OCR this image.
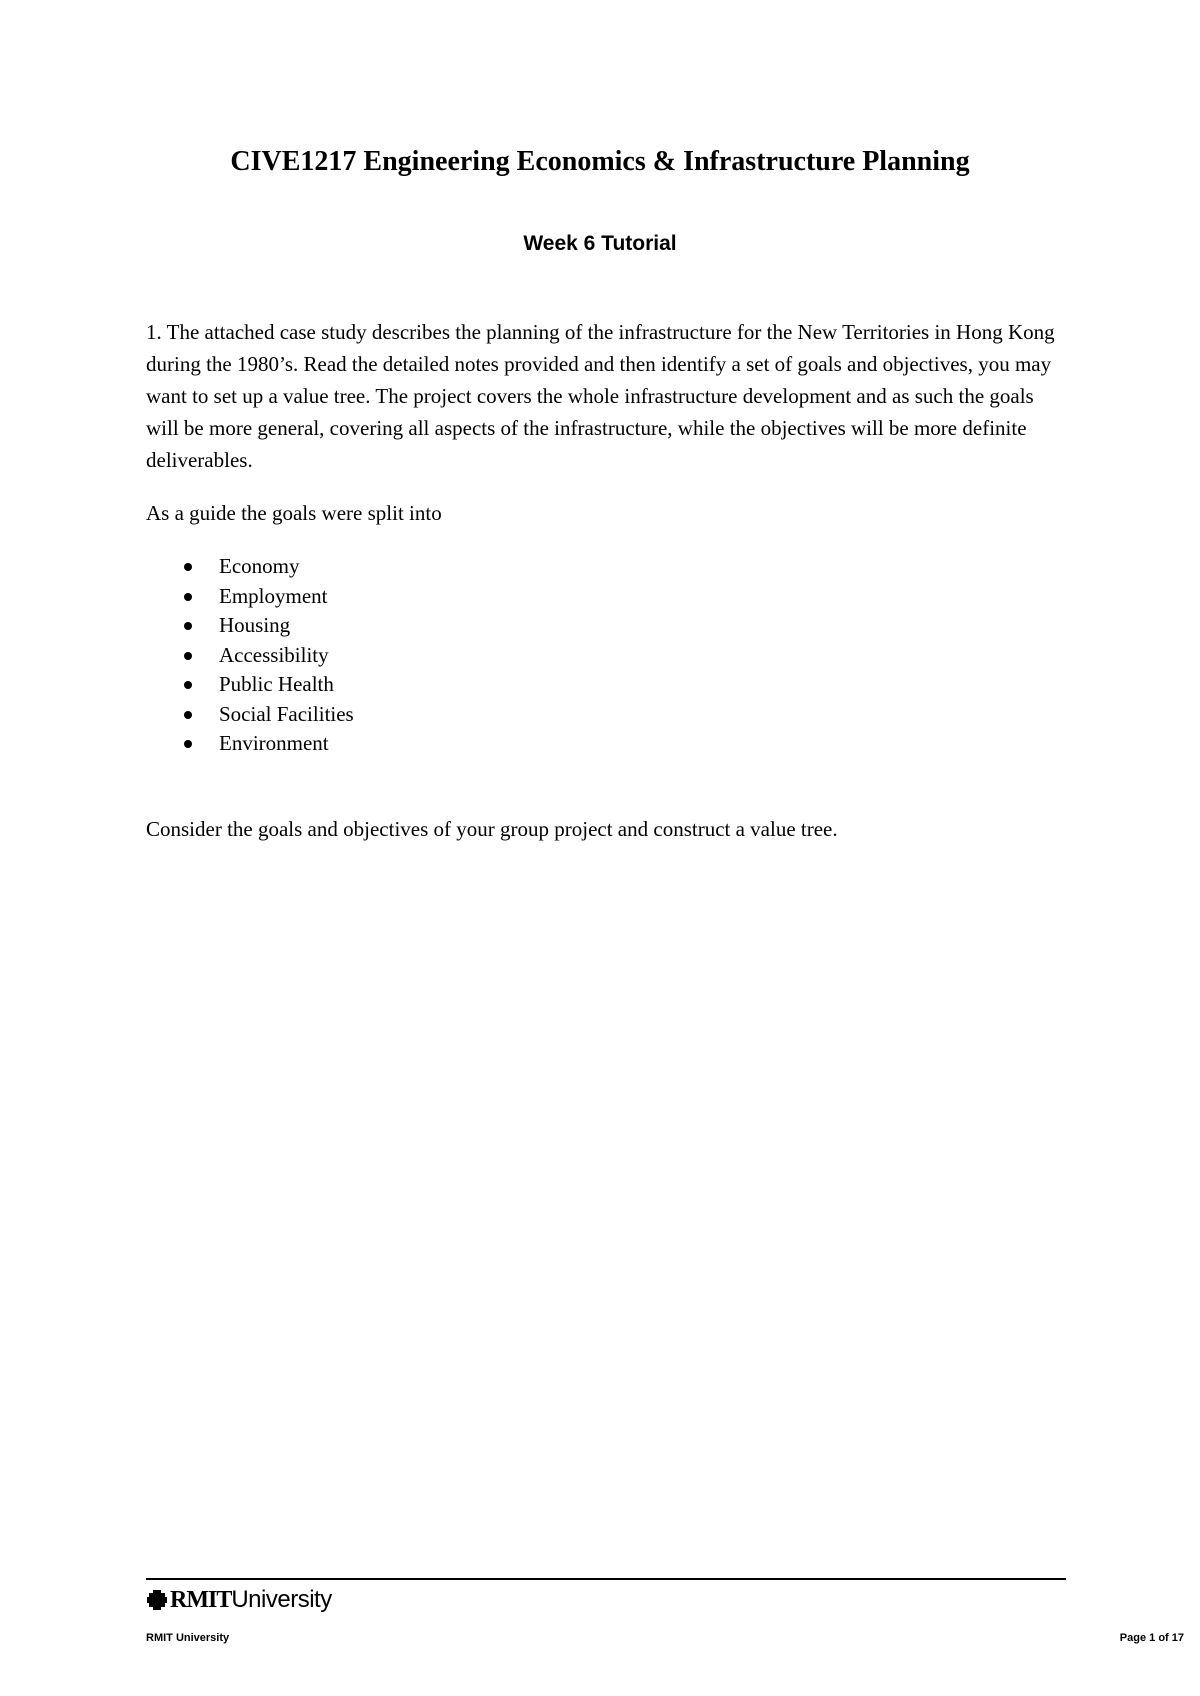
CIVE1217 Engineering Economics & Infrastructure Planning
Week 6 Tutorial

1. The attached case study describes the planning of the infrastructure for the New Territories in Hong Kong during the 1980’s. Read the detailed notes provided and then identify a set of goals and objectives, you may want to set up a value tree. The project covers the whole infrastructure development and as such the goals will be more general, covering all aspects of the infrastructure, while the objectives will be more definite deliverables.

As a guide the goals were split into

Economy
Employment
Housing
Accessibility
Public Health
Social Facilities
Environment

Consider the goals and objectives of your group project and construct a value tree.

RMIT University
RMIT University	Page 1 of 17
